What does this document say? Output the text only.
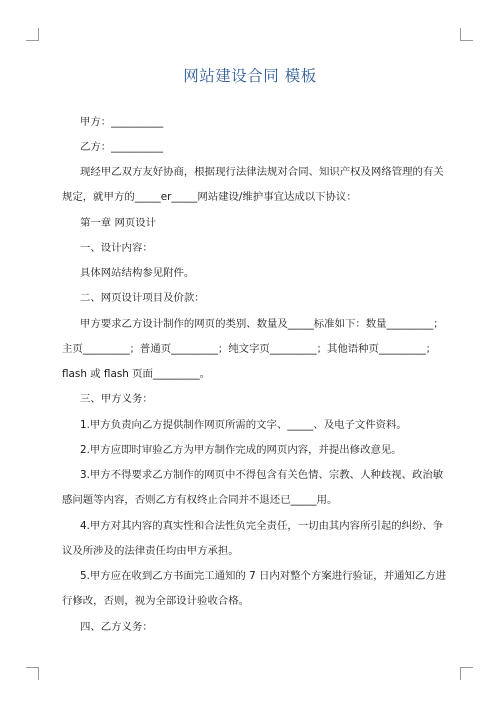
网站建设合同 模板
甲方：__________
乙方：__________
现经甲乙双方友好协商，根据现行法律法规对合同、知识产权及网络管理的有关
规定，就甲方的_____er_____网站建设/维护事宜达成以下协议：
第一章 网页设计
一、设计内容：
具体网站结构参见附件。
二、网页设计项目及价款：
甲方要求乙方设计制作的网页的类别、数量及_____标准如下：数量_________；
主页_________；普通页_________；纯文字页_________；其他语种页_________；
flash 或 flash 页面_________。
三、甲方义务：
1.甲方负责向乙方提供制作网页所需的文字、_____、及电子文件资料。
2.甲方应即时审验乙方为甲方制作完成的网页内容，并提出修改意见。
3.甲方不得要求乙方制作的网页中不得包含有关色情、宗教、人种歧视、政治敏
感问题等内容，否则乙方有权终止合同并不退还已_____用。
4.甲方对其内容的真实性和合法性负完全责任，一切由其内容所引起的纠纷、争
议及所涉及的法律责任均由甲方承担。
5.甲方应在收到乙方书面完工通知的 7 日内对整个方案进行验证，并通知乙方进
行修改，否则，视为全部设计验收合格。
四、乙方义务：
